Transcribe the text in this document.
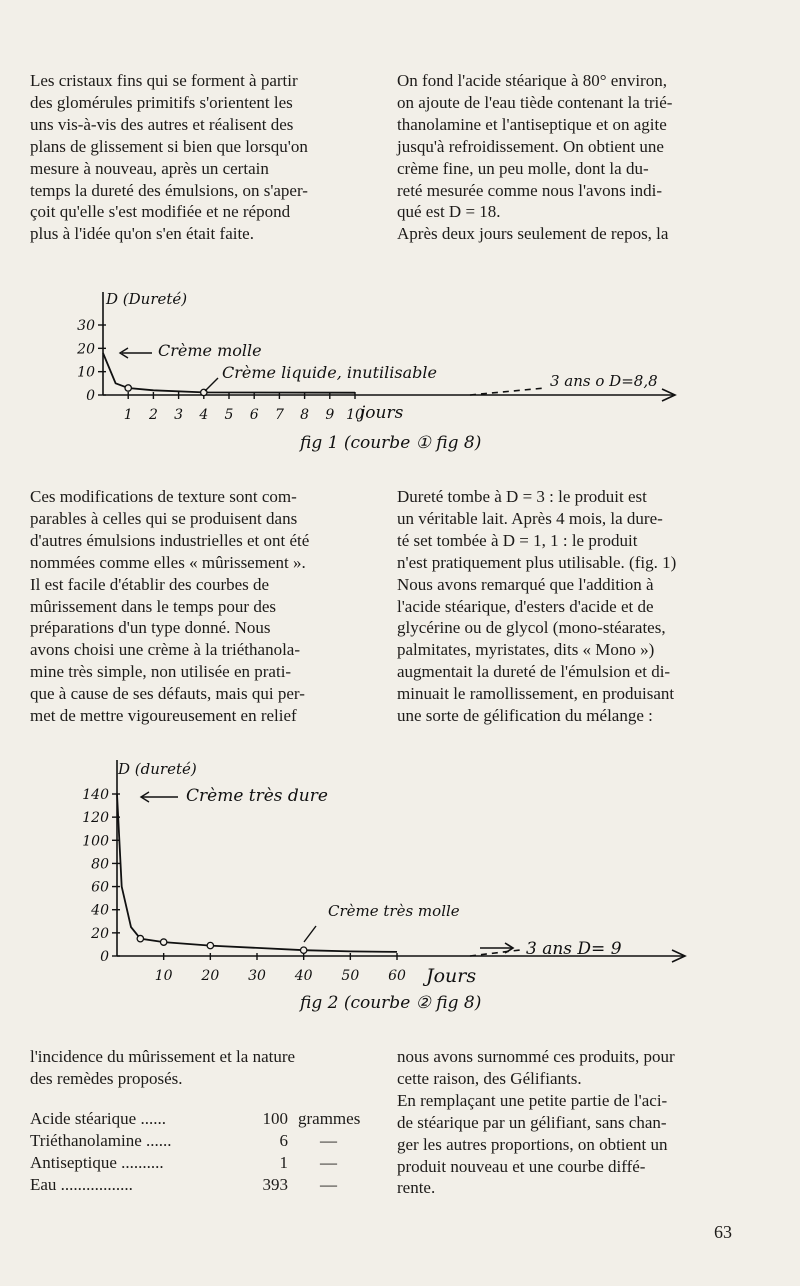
Les cristaux fins qui se forment à partir
des glomérules primitifs s'orientent les
uns vis-à-vis des autres et réalisent des
plans de glissement si bien que lorsqu'on
mesure à nouveau, après un certain
temps la dureté des émulsions, on s'aper-
çoit qu'elle s'est modifiée et ne répond
plus à l'idée qu'on s'en était faite.
On fond l'acide stéarique à 80° environ,
on ajoute de l'eau tiède contenant la trié-
thanolamine et l'antiseptique et on agite
jusqu'à refroidissement. On obtient une
crème fine, un peu molle, dont la du-
reté mesurée comme nous l'avons indi-
qué est D = 18.
Après deux jours seulement de repos, la
D (Dureté)
30
20
10
0
1 2 3 4 5 6 7 8 9 10
jours
Crème molle
Crème liquide, inutilisable	3 ans o D=8,8
fig 1 (courbe ① fig 8)
Ces modifications de texture sont com-
parables à celles qui se produisent dans
d'autres émulsions industrielles et ont été
nommées comme elles « mûrissement ».
Il est facile d'établir des courbes de
mûrissement dans le temps pour des
préparations d'un type donné. Nous
avons choisi une crème à la triéthanola-
mine très simple, non utilisée en prati-
que à cause de ses défauts, mais qui per-
met de mettre vigoureusement en relief
Dureté tombe à D = 3 : le produit est
un véritable lait. Après 4 mois, la dure-
té set tombée à D = 1, 1 : le produit
n'est pratiquement plus utilisable. (fig. 1)
Nous avons remarqué que l'addition à
l'acide stéarique, d'esters d'acide et de
glycérine ou de glycol (mono-stéarates,
palmitates, myristates, dits « Mono »)
augmentait la dureté de l'émulsion et di-
minuait le ramollissement, en produisant
une sorte de gélification du mélange :
D (dureté)
140
120
100
80
60
40
20
0
10 20 30 40 50 60 Jours
Crème très dure
Crème très molle
3 ans D= 9
fig 2 (courbe ② fig 8)
l'incidence du mûrissement et la nature
des remèdes proposés.
Acide stéarique ......	100 grammes
Triéthanolamine ......	6 —
Antiseptique ..........	1 —
Eau .................	393 —
nous avons surnommé ces produits, pour
cette raison, des Gélifiants.
En remplaçant une petite partie de l'aci-
de stéarique par un gélifiant, sans chan-
ger les autres proportions, on obtient un
produit nouveau et une courbe diffé-
rente.
63
